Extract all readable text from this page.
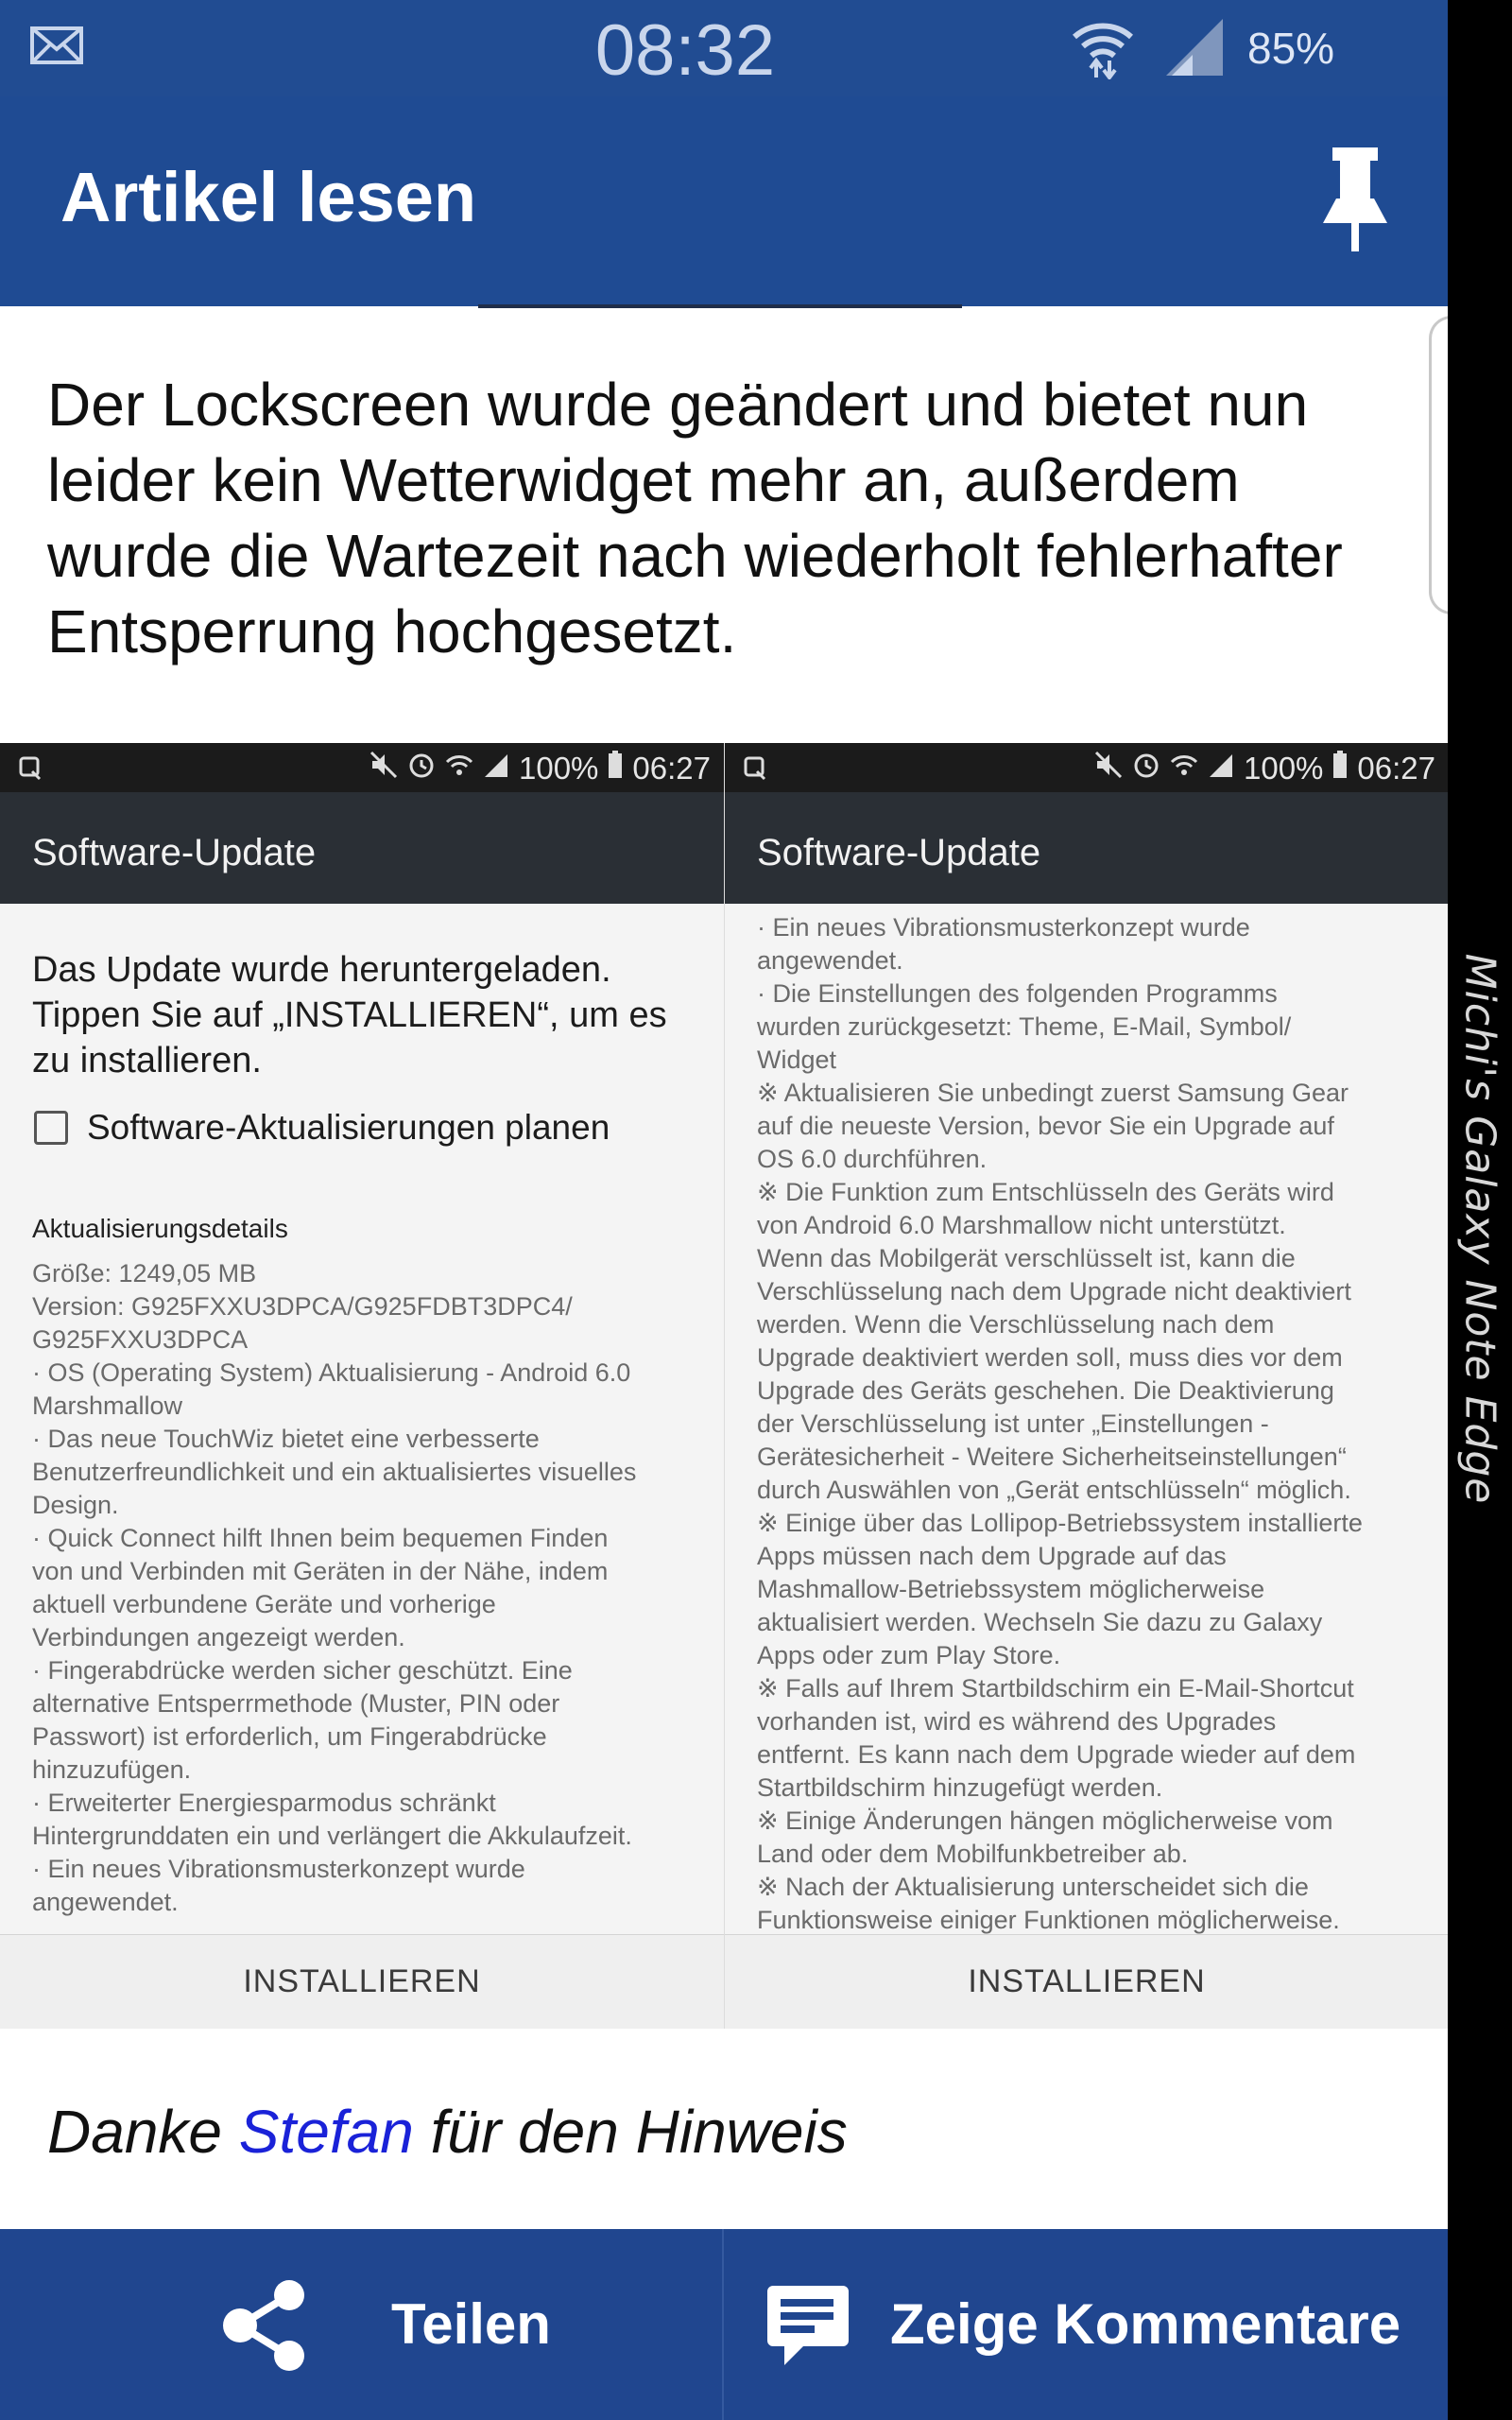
08:32	85%
Artikel lesen
Der Lockscreen wurde geändert und bietet nun leider kein Wetterwidget mehr an, außerdem wurde die Wartezeit nach wiederholt fehlerhafter Entsperrung hochgesetzt.
100% 06:27
Software-Update
Das Update wurde heruntergeladen. Tippen Sie auf „INSTALLIEREN“, um es zu installieren.
Software-Aktualisierungen planen
Aktualisierungsdetails
Größe: 1249,05 MB
Version: G925FXXU3DPCA/G925FDBT3DPC4/
G925FXXU3DPCA
· OS (Operating System) Aktualisierung - Android 6.0
Marshmallow
· Das neue TouchWiz bietet eine verbesserte
Benutzerfreundlichkeit und ein aktualisiertes visuelles
Design.
· Quick Connect hilft Ihnen beim bequemen Finden
von und Verbinden mit Geräten in der Nähe, indem
aktuell verbundene Geräte und vorherige
Verbindungen angezeigt werden.
· Fingerabdrücke werden sicher geschützt. Eine
alternative Entsperrmethode (Muster, PIN oder
Passwort) ist erforderlich, um Fingerabdrücke
hinzuzufügen.
· Erweiterter Energiesparmodus schränkt
Hintergrunddaten ein und verlängert die Akkulaufzeit.
· Ein neues Vibrationsmusterkonzept wurde
angewendet.
INSTALLIEREN
100% 06:27
Software-Update
· Ein neues Vibrationsmusterkonzept wurde
angewendet.
· Die Einstellungen des folgenden Programms
wurden zurückgesetzt: Theme, E-Mail, Symbol/
Widget
※ Aktualisieren Sie unbedingt zuerst Samsung Gear
auf die neueste Version, bevor Sie ein Upgrade auf
OS 6.0 durchführen.
※ Die Funktion zum Entschlüsseln des Geräts wird
von Android 6.0 Marshmallow nicht unterstützt.
Wenn das Mobilgerät verschlüsselt ist, kann die
Verschlüsselung nach dem Upgrade nicht deaktiviert
werden. Wenn die Verschlüsselung nach dem
Upgrade deaktiviert werden soll, muss dies vor dem
Upgrade des Geräts geschehen. Die Deaktivierung
der Verschlüsselung ist unter „Einstellungen -
Gerätesicherheit - Weitere Sicherheitseinstellungen“
durch Auswählen von „Gerät entschlüsseln“ möglich.
※ Einige über das Lollipop-Betriebssystem installierte
Apps müssen nach dem Upgrade auf das
Mashmallow-Betriebssystem möglicherweise
aktualisiert werden. Wechseln Sie dazu zu Galaxy
Apps oder zum Play Store.
※ Falls auf Ihrem Startbildschirm ein E-Mail-Shortcut
vorhanden ist, wird es während des Upgrades
entfernt. Es kann nach dem Upgrade wieder auf dem
Startbildschirm hinzugefügt werden.
※ Einige Änderungen hängen möglicherweise vom
Land oder dem Mobilfunkbetreiber ab.
※ Nach der Aktualisierung unterscheidet sich die
Funktionsweise einiger Funktionen möglicherweise.
INSTALLIEREN
Danke Stefan für den Hinweis
Teilen	Zeige Kommentare
Michi's Galaxy Note Edge
